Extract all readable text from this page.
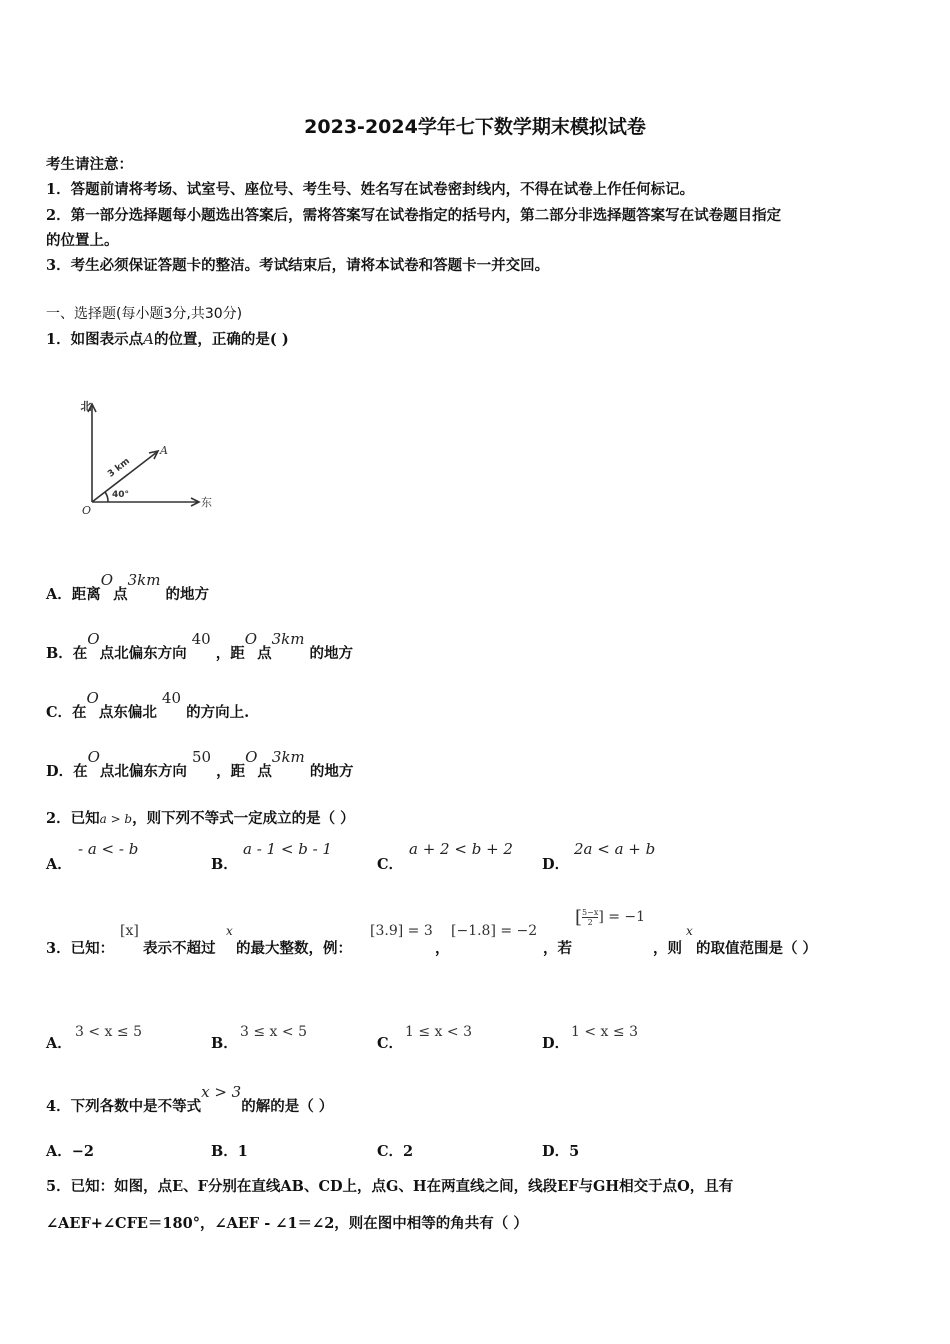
2023-2024学年七下数学期末模拟试卷
考生请注意：
1．答题前请将考场、试室号、座位号、考生号、姓名写在试卷密封线内，不得在试卷上作任何标记。
2．第一部分选择题每小题选出答案后，需将答案写在试卷指定的括号内，第二部分非选择题答案写在试卷题目指定
的位置上。
3．考生必须保证答题卡的整洁。考试结束后，请将本试卷和答题卡一并交回。
一、选择题(每小题3分,共30分)
1．如图表示点A的位置，正确的是( )
北
东
O
A
3 km
40°
A．距离O点3km 的地方
B．在O点北偏东方向 40 ，距O点3km 的地方
C．在O点东偏北 40 的方向上.
D．在O点北偏东方向 50 ，距O点3km 的地方
2．已知a > b，则下列不等式一定成立的是（ ）
A．
- a < - b
B．
a - 1 < b - 1
C．
a + 2 < b + 2
D．
2a < a + b
3．已知：
[x]
表示不超过
x
的最大整数，例：
[3.9] = 3
，
[−1.8] = −2
，若
[ $\frac{5-x}{2}$ ] = −1
，则
x
的取值范围是（ ）
A．
3 < x ≤ 5
B．
3 ≤ x < 5
C．
1 ≤ x < 3
D．
1 < x ≤ 3
4．下列各数中是不等式x > 3的解的是（ ）
A．−2	B．1	C．2	D．5
5．已知：如图，点E、F分别在直线AB、CD上，点G、H在两直线之间，线段EF与GH相交于点O，且有
∠AEF+∠CFE＝180°，∠AEF - ∠1＝∠2，则在图中相等的角共有（ ）
